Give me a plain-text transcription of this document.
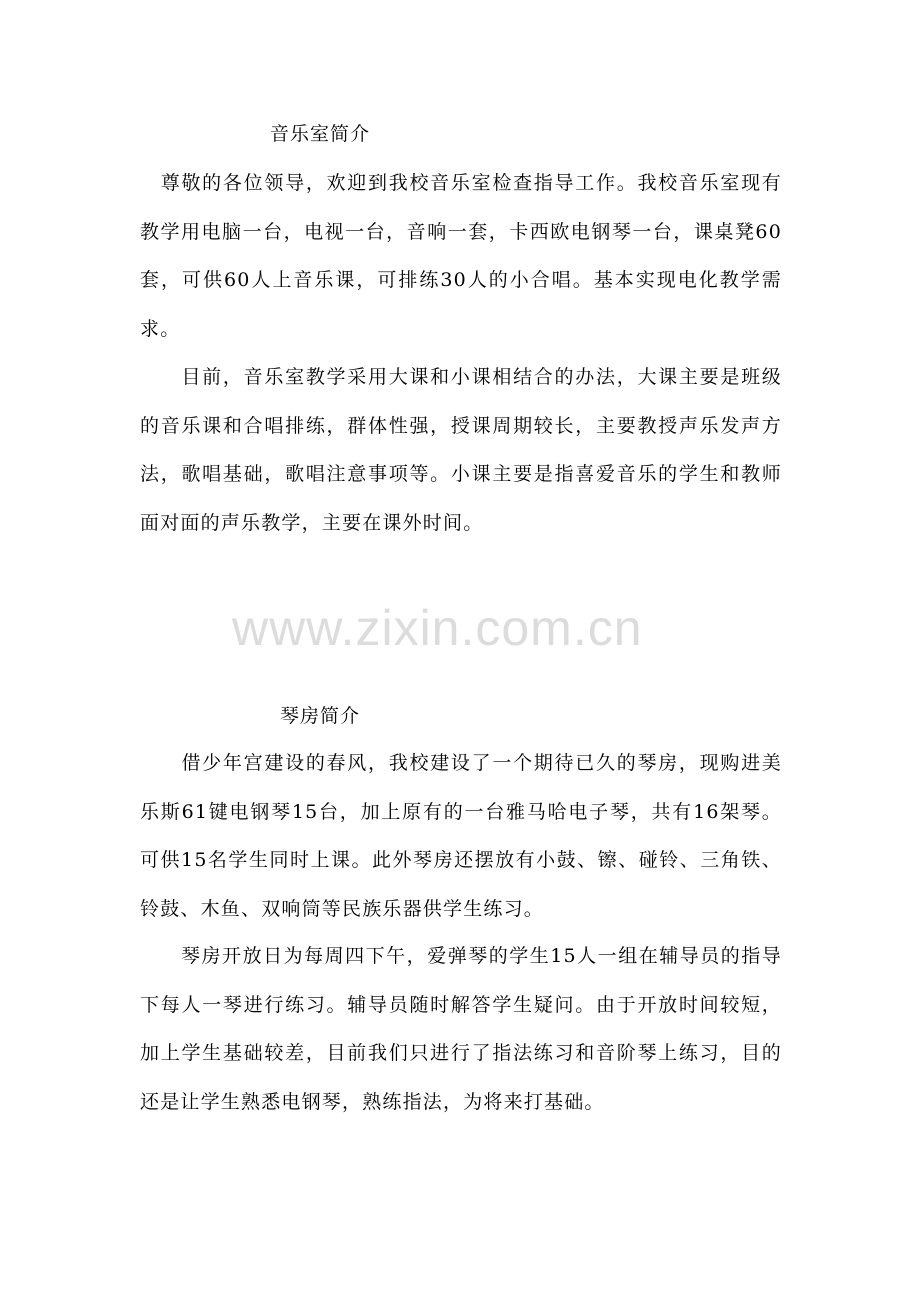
音乐室简介

　尊敬的各位领导，欢迎到我校音乐室检查指导工作。我校音乐室现有教学用电脑一台，电视一台，音响一套，卡西欧电钢琴一台，课桌凳60套，可供60人上音乐课，可排练30人的小合唱。基本实现电化教学需求。

　　目前，音乐室教学采用大课和小课相结合的办法，大课主要是班级的音乐课和合唱排练，群体性强，授课周期较长，主要教授声乐发声方法，歌唱基础，歌唱注意事项等。小课主要是指喜爱音乐的学生和教师面对面的声乐教学，主要在课外时间。

www.zixin.com.cn
琴房简介

　　借少年宫建设的春风，我校建设了一个期待已久的琴房，现购进美乐斯61键电钢琴15台，加上原有的一台雅马哈电子琴，共有16架琴。可供15名学生同时上课。此外琴房还摆放有小鼓、镲、碰铃、三角铁、铃鼓、木鱼、双响筒等民族乐器供学生练习。

　　琴房开放日为每周四下午，爱弹琴的学生15人一组在辅导员的指导下每人一琴进行练习。辅导员随时解答学生疑问。由于开放时间较短，加上学生基础较差，目前我们只进行了指法练习和音阶琴上练习，目的还是让学生熟悉电钢琴，熟练指法，为将来打基础。
